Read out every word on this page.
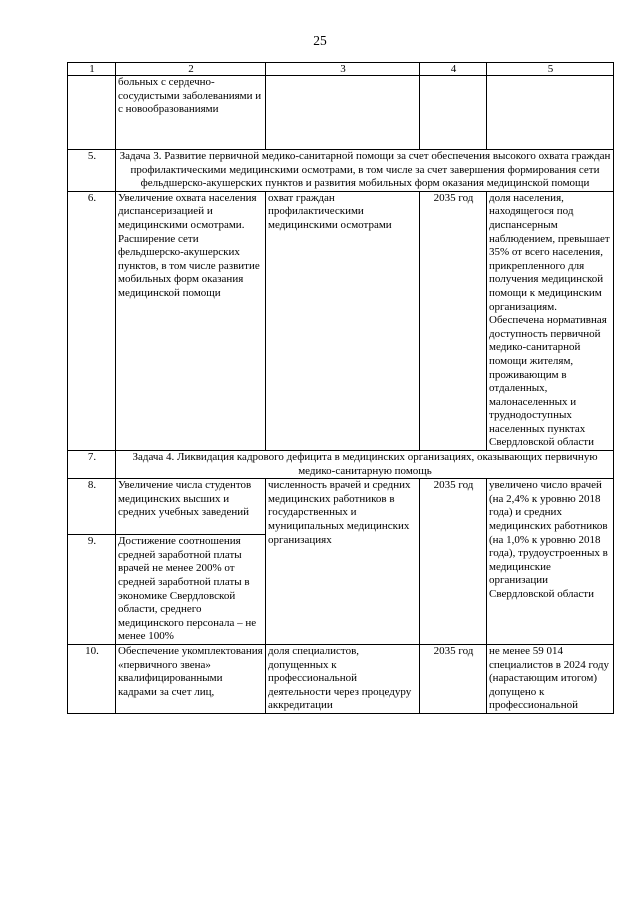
25
1	2	3	4	5
	больных с сердечно-сосудистыми заболеваниями и с новообразованиями			
5.	Задача 3. Развитие первичной медико-санитарной помощи за счет обеспечения высокого охвата граждан профилактическими медицинскими осмотрами, в том числе за счет завершения формирования сети фельдшерско-акушерских пунктов и развития мобильных форм оказания медицинской помощи			
6.	Увеличение охвата населения диспансеризацией и медицинскими осмотрами. Расширение сети фельдшерско-акушерских пунктов, в том числе развитие мобильных форм оказания медицинской помощи	охват граждан профилактическими медицинскими осмотрами	2035 год	доля населения, находящегося под диспансерным наблюдением, превышает 35% от всего населения, прикрепленного для получения медицинской помощи к медицинским организациям. Обеспечена нормативная доступность первичной медико-санитарной помощи жителям, проживающим в отдаленных, малонаселенных и труднодоступных населенных пунктах Свердловской области
7.	Задача 4. Ликвидация кадрового дефицита в медицинских организациях, оказывающих первичную медико-санитарную помощь			
8.	Увеличение числа студентов медицинских высших и средних учебных заведений	численность врачей и средних медицинских работников в государственных и муниципальных медицинских организациях	2035 год	увеличено число врачей (на 2,4% к уровню 2018 года) и средних медицинских работников (на 1,0% к уровню 2018 года), трудоустроенных в медицинские организации Свердловской области
9.	Достижение соотношения средней заработной платы врачей не менее 200% от средней заработной платы в экономике Свердловской области, среднего медицинского персонала – не менее 100%			
10.	Обеспечение укомплектования «первичного звена» квалифицированными кадрами за счет лиц,	доля специалистов, допущенных к профессиональной деятельности через процедуру аккредитации	2035 год	не менее 59 014 специалистов в 2024 году (нарастающим итогом) допущено к профессиональной
